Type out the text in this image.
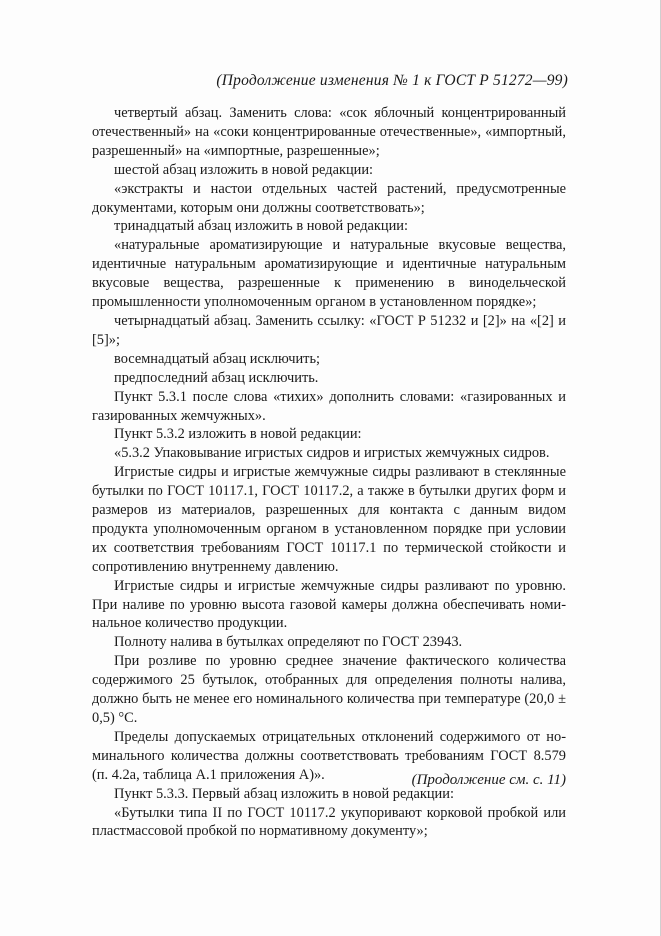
(Продолжение изменения № 1 к ГОСТ Р 51272—99)

четвертый абзац. Заменить слова: «сок яблочный концентрированный отечественный» на «соки концентрированные отечественные», «импортный, разрешенный» на «импортные, разрешенные»;

шестой абзац изложить в новой редакции:

«экстракты и настои отдельных частей растений, предусмотренные документами, которым они должны соответствовать»;

тринадцатый абзац изложить в новой редакции:

«натуральные ароматизирующие и натуральные вкусовые вещества, идентичные натуральным ароматизирующие и идентичные натуральным вкусовые вещества, разрешенные к применению в винодельческой промышленности уполномоченным органом в установленном порядке»;

четырнадцатый абзац. Заменить ссылку: «ГОСТ Р 51232 и [2]» на «[2] и [5]»;

восемнадцатый абзац исключить;

предпоследний абзац исключить.

Пункт 5.3.1 после слова «тихих» дополнить словами: «газированных и газированных жемчужных».

Пункт 5.3.2 изложить в новой редакции:

«5.3.2 Упаковывание игристых сидров и игристых жемчужных сидров.

Игристые сидры и игристые жемчужные сидры разливают в стеклянные бутылки по ГОСТ 10117.1, ГОСТ 10117.2, а также в бутылки других форм и размеров из материалов, разрешенных для контакта с данным видом продукта уполномоченным органом в установленном порядке при условии их соответствия требованиям ГОСТ 10117.1 по термической стойкости и сопротивлению внутреннему давлению.

Игристые сидры и игристые жемчужные сидры разливают по уровню. При наливе по уровню высота газовой камеры должна обеспечивать номинальное количество продукции.

Полноту налива в бутылках определяют по ГОСТ 23943.

При розливе по уровню среднее значение фактического количества содержимого 25 бутылок, отобранных для определения полноты налива, должно быть не менее его номинального количества при температуре (20,0 ± 0,5) °С.

Пределы допускаемых отрицательных отклонений содержимого от номинального количества должны соответствовать требованиям ГОСТ 8.579 (п. 4.2а, таблица А.1 приложения А)».

Пункт 5.3.3. Первый абзац изложить в новой редакции:

«Бутылки типа II по ГОСТ 10117.2 укупоривают корковой пробкой или пластмассовой пробкой по нормативному документу»;

(Продолжение см. с. 11)
